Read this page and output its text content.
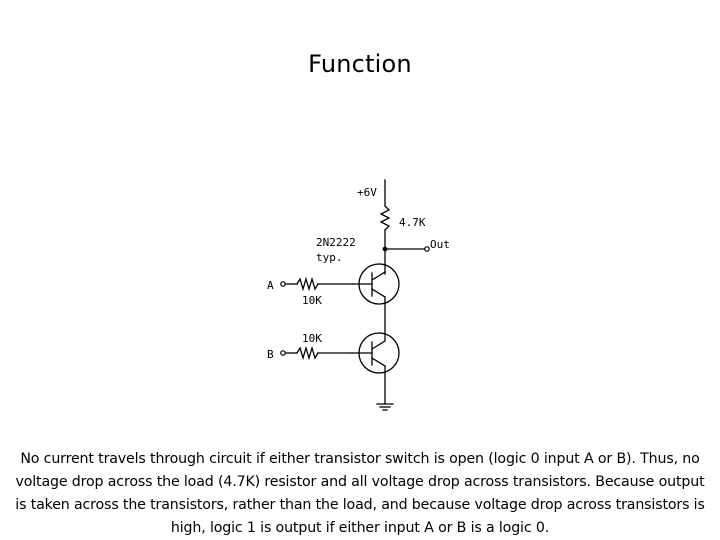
Function
+6V
4.7K
2N2222
typ.
Out
A
B
10K
10K
No current travels through circuit if either transistor switch is open (logic 0 input A or B). Thus, no voltage drop across the load (4.7K) resistor and all voltage drop across transistors. Because output is taken across the transistors, rather than the load, and because voltage drop across transistors is high, logic 1 is output if either input A or B is a logic 0.
